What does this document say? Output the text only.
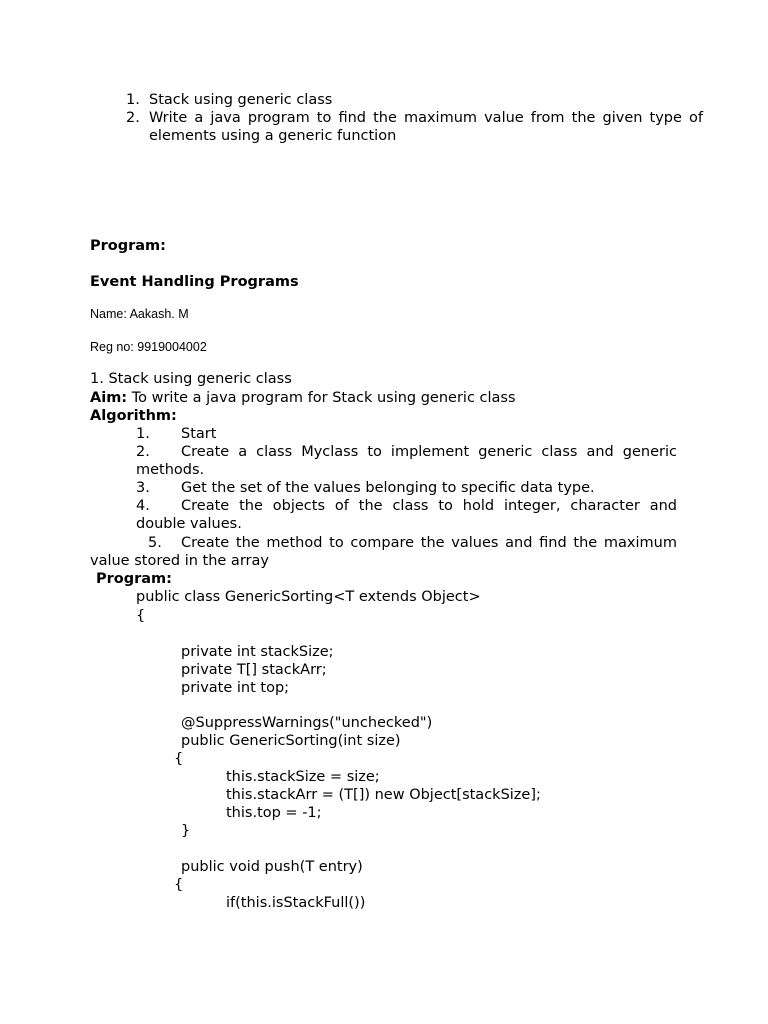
1. Stack using generic class
2. Write a java program to find the maximum value from the given type of
elements using a generic function
Program:
Event Handling Programs
Name: Aakash. M
Reg no: 9919004002
1. Stack using generic class
Aim: To write a java program for Stack using generic class
Algorithm:
1. Start
2. Create a class Myclass to implement generic class and generic
methods.
3. Get the set of the values belonging to specific data type.
4. Create the objects of the class to hold integer, character and
double values.
5. Create the method to compare the values and find the maximum
value stored in the array
Program:
public class GenericSorting<T extends Object>
{
private int stackSize;
private T[] stackArr;
private int top;
@SuppressWarnings("unchecked")
public GenericSorting(int size)
{
this.stackSize = size;
this.stackArr = (T[]) new Object[stackSize];
this.top = -1;
}
public void push(T entry)
{
if(this.isStackFull())
